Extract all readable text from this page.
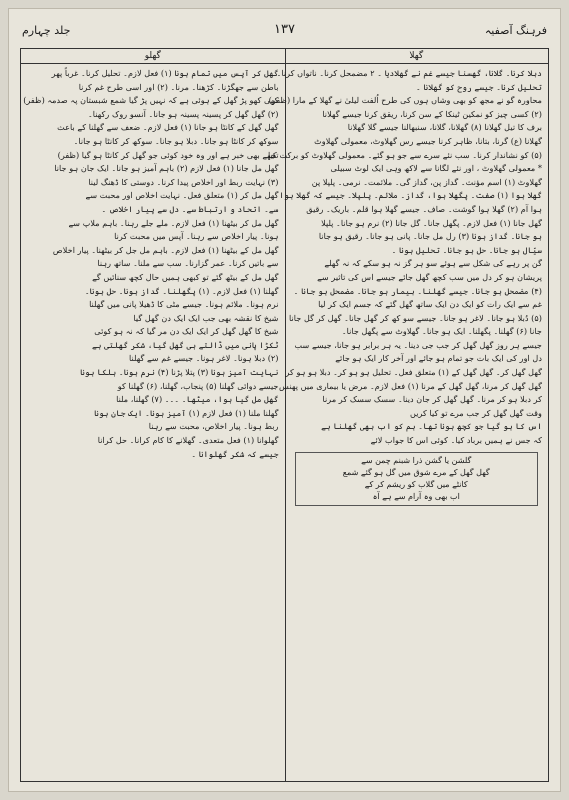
فرہنگ آصفیہ
۱۳۷
جلد چہارم
گھلا
گھلو
دبلا کرنا۔ گلانا، گھسنا جیسے غم نے گھلادیا ۔ ۲ مضمحل کرنا۔ ناتواں کرنا۔
تحلیل کرنا۔ جیسے روح کو گھلانا ۔
محاورہ گو نے مجھ کو بھی وشاں ہوں کی طرح اُلفت لیلیٰ نے گھلا کے مارا (ظفر)
(۲) کسی چیز کو نمکین ٹینکا کے سن کرنا، ریقق کرنا جیسے گھلانا
برف کا تیل گھلانا (۸) گھلانا، گلانا، سنبھالنا جیسے گلا گھلانا
گھلانا (ع) گرنا، بتانا، ظاہر کرنا جیسے رس گھلاوٹ، معمولی گھلاوٹ
(۵) کو نشاندار کرنا۔ سب نئے سرے سے جو ہو گئے۔ معمولی گھلاوٹ کو برکت کیا۔
* معمولی گھلاوٹ ، اور نئے لگانا سے لاکھ وہی ایک لوٹ سبیلی
گھلاوٹ (۱) اسم مؤنث۔ گداز پن، گداز گی۔ ملائمت۔ نرمی۔ پلپلا پن
گھلا ہوا (۱) صفت۔ پگھلا ہوا، گداز۔ ملائم۔ پلپلا۔ جیسے کہ گھلا ہوا
ہوا آم (۲) گھلا ہوا گوشت۔ صاف۔ جیسے گھلا ہوا قلم۔ باریک۔ رقیق
گھل جانا (۱) فعل لازم۔ پگھل جانا۔ گل جانا (۲) نرم ہو جانا۔ پلپلا
ہو جانا۔ گداز ہونا (۳) رل مل جانا۔ پانی ہو جانا۔ رقیق ہو جانا
سیّال ہو جانا۔ حل ہو جانا۔ تحلیل ہونا ۔
گن پر رہے کی شکل سے ہوئے سو ہر گز نہ ہو سکے کہ نہ گھلے
پریشان ہو کر دل میں سب کچھ گھل جائے جیسے اس کی تاثیر سے
(۴) مضمحل ہو جانا۔ جیسے گھلنا۔ بیمار ہو جانا۔ مضمحل ہو جانا ۔
غم سے ایک رات کو ایک دن ایک ساتھ گھل گئے کہ جسم ایک کر لیا
(۵) دُبلا ہو جانا۔ لاغر ہو جانا۔ جیسے سو کھ کر گھل جانا۔ گھل کر گل جانا
جانا (۶) گھلنا۔ پگھلنا۔ ایک ہو جانا۔ گھلاوٹ سے پگھل جانا۔
جیسے ہر روز گھل گھل کر جب جی دینا۔ یہ ہر برابر ہو جانا، جیسے سب
دل اور کی ایک بات جو تمام ہو جائے اور آخر کار ایک ہو جائے
گھل گھل کر۔ گھل گھل کے (۱) متعلق فعل۔ تحلیل ہو ہو کر۔ دبلا ہو ہو کر
گھل گھل کر مرنا، گھل گھل کے مرنا (۱) فعل لازم۔ مرض یا بیماری میں پھنس
کر دبلا ہو کر مرنا۔ گھل گھل کر جان دینا۔ سسک سسک کر مرنا
وقت گھل گھل کر جب مرے تو کیا کریں
اس کا ہو گیا جو کچھ ہونا تھا۔ ہم کو اب بھی گھلنا ہے
کہ جس نے ہمیں برباد کیا۔ کوئی اس کا جواب لائے
گلشن یا گشن ذرا شبنم چمن سے
گھل گھل کے مرے شوق میں گل ہو گئے شمع
کانٹے میں گلاب کو ریشم کر کے
اب بھی وہ آرام سے ہے آہ
گھل کر آپس میں تمام ہونا (۱) فعل لازم۔ تحلیل کرنا۔ غرباً پھر
باطن سے جھگڑنا۔ کڑھنا۔ مرنا۔ (۲) اور اسی طرح غم کرنا
کھی کھو پڑ گھل کے ہوئی ہے کہ نہیں پڑ گیا شمع شبستان پہ صدمہ (ظفر)
(۲) گھل گھل کر پسینہ پسینہ ہو جانا۔ آنسو روک رکھنا۔
گھل گھل کے کانٹا ہو جانا (۱) فعل لازم۔ ضعف سے گھلنا کے باعث
سوکھ کر کانٹا ہو جانا۔ دبلا ہو جانا۔ سوکھ کر کانٹا ہو جانا۔
تجھے بھی خبر ہے اور وہ خود کوئی جو گھل کر کانٹا ہو گیا (ظفر)
گھل مل جانا (۱) فعل لازم (۲) باہم آمیز ہو جانا۔ ایک جان ہو جانا
(۳) نہایت ربط اور اخلاص پیدا کرنا۔ دوستی کا ڈھنگ لینا
گھل مل کر (۱) متعلق فعل۔ نہایت اخلاص اور محبت سے
سے۔ اتحاد و ارتباط سے۔ دل سے پیار اخلاص ۔
گھل مل کر بیٹھنا (۱) فعل لازم۔ ملے جلے رہنا۔ باہم ملاپ سے
ہونا۔ پیار اخلاص سے رہنا۔ آپس میں محبت کرنا
گھل مل کے بیٹھنا (۱) فعل لازم۔ باہم مل جل کر بیٹھنا۔ پیار اخلاص
سے باتیں کرنا۔ عمر گزارنا۔ سب سے ملنا۔ ساتھ رہنا
گھل مل کے بیٹھ گئے تو کبھی ہمیں حال کچھ سنائیں گے
گھلنا (۱) فعل لازم۔ (۱) پگھلنا۔ گداز ہونا۔ حل ہونا۔
نرم ہونا۔ ملائم ہونا۔ جیسے مٹی کا ڈھیلا پانی میں گھلنا
شیخ کا نقشہ بھی جب ایک ایک دن گھل گیا
شیخ کا گھل گھل کر ایک ایک دن مر گیا کہ نہ ہو کوئی
ٹکڑا پانی میں ڈالتے ہی گھل گیا، شکر گھلتی ہے
(۲) دبلا ہونا۔ لاغر ہونا۔ جیسے غم سے گھلنا
نہایت آمیز ہونا (۳) پتلا پڑنا (۴) نرم ہونا۔ ہلکا ہونا
جیسے دوائی گھلنا (۵) پنجاب، گھلنا، (۶) گھلنا کو
گھل مل گیا ہوا، میٹھا۔ ۔۔۔ (۷) گھلنا، ملنا
گھلنا ملنا (۱) فعل لازم (۱) آمیز ہونا۔ ایک جان ہونا
ربط ہونا۔ پیار اخلاص، محبت سے رہنا
گھلوانا (۱) فعل متعدی۔ گھلانے کا کام کرانا۔ حل کرانا
جیسے کہ شکر گھلوانا ۔
